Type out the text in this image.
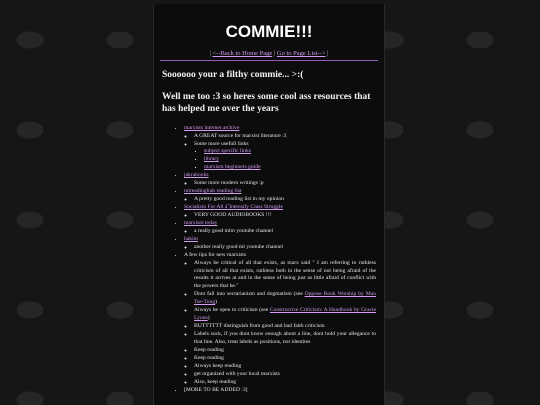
COMMIE!!!
| <--Back to Home Page | Go to Page List--> |
Soooooo your a filthy commie... >:(
Well me too :3 so heres some cool ass resources that has helped me over the years
• marxists internet archive
◦ A GREAT source for marxist literature :3
◦ Some more usefull links
▪ subject specific links
▪ library
▪ marxism beginners guide
• jakrabooks
◦ Some more modern writings :p
• mlreadinghub reading list
◦ A pretty good reading list in my opinion
• Socialism For All â˜Intensify Class Struggle
◦ VERY GOOD AUDIOBOOKS !!!
• marxism today
◦ a really good mlm youtube channel
• hakim
◦ another really good ml youtube channel
• A few tips for new marxists
◦ Always be critical of all that exists, as marx said " I am referring to ruthless criticism of all that exists, ruthless both in the sense of not being afraid of the results it arrives at and in the sense of being just as little afraid of conflict with the powers that be."
◦ Dont fall into sectarianism and dogmatism (see Oppose Book Worship by Mao Tse-Tung)
◦ Always be open to criticism (see Constructive Criticism: A Handbook by Gracie Lyons)
◦ BUTTTTTT distinguish from good and bad faith criticism
◦ Labels suck, if you dont know enough about a line, dont hold your allegance to that line. Also, treat labels as positions, not identites
◦ Keep reading
◦ Keep reading
◦ Always keep reading
◦ get organized with your local marxists
◦ Also, keep reading
• [MORE TO BE ADDED :3]
